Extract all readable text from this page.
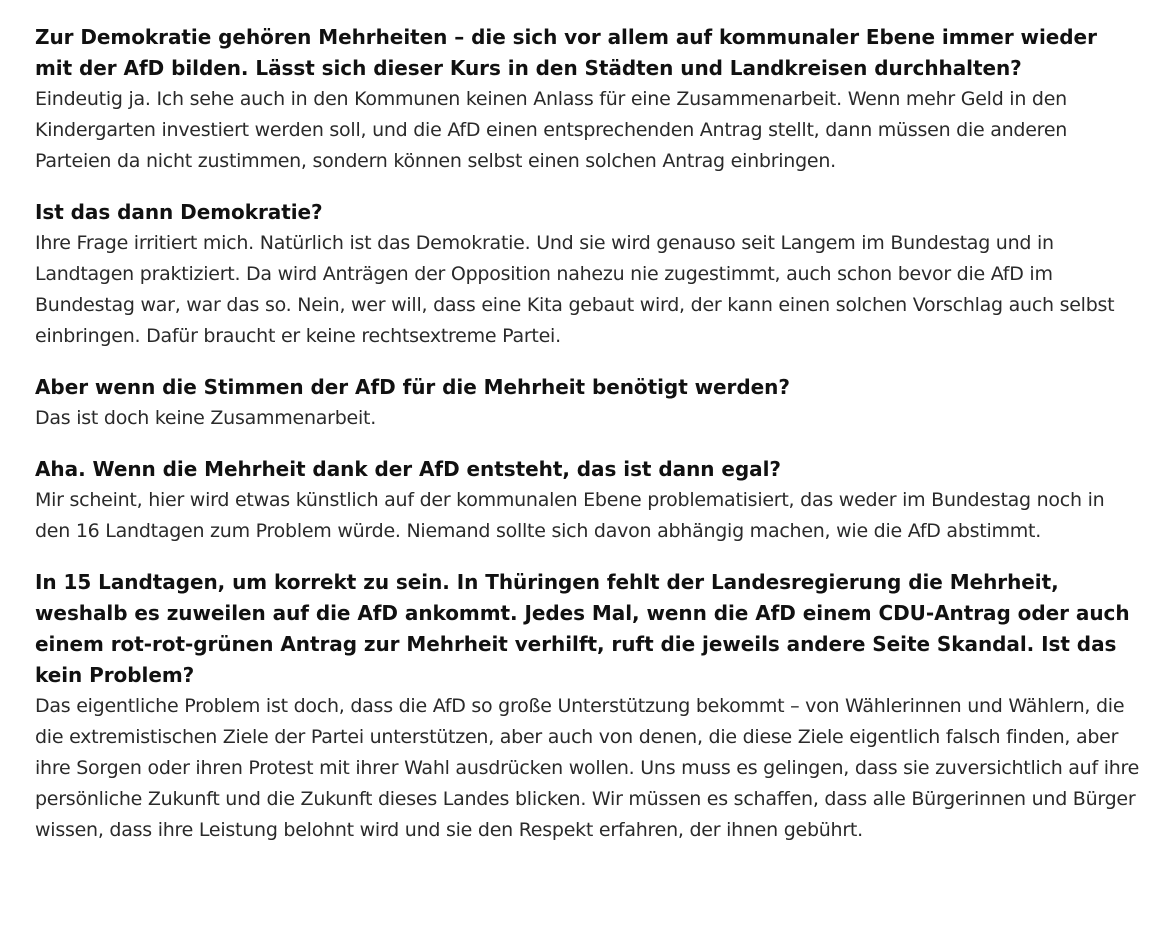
Zur Demokratie gehören Mehrheiten – die sich vor allem auf kommunaler Ebene immer wieder mit der AfD bilden. Lässt sich dieser Kurs in den Städten und Landkreisen durchhalten?

Eindeutig ja. Ich sehe auch in den Kommunen keinen Anlass für eine Zusammenarbeit. Wenn mehr Geld in den Kindergarten investiert werden soll, und die AfD einen entsprechenden Antrag stellt, dann müssen die anderen Parteien da nicht zustimmen, sondern können selbst einen solchen Antrag einbringen.

Ist das dann Demokratie?

Ihre Frage irritiert mich. Natürlich ist das Demokratie. Und sie wird genauso seit Langem im Bundestag und in Landtagen praktiziert. Da wird Anträgen der Opposition nahezu nie zugestimmt, auch schon bevor die AfD im Bundestag war, war das so. Nein, wer will, dass eine Kita gebaut wird, der kann einen solchen Vorschlag auch selbst einbringen. Dafür braucht er keine rechtsextreme Partei.

Aber wenn die Stimmen der AfD für die Mehrheit benötigt werden?

Das ist doch keine Zusammenarbeit.

Aha. Wenn die Mehrheit dank der AfD entsteht, das ist dann egal?

Mir scheint, hier wird etwas künstlich auf der kommunalen Ebene problematisiert, das weder im Bundestag noch in den 16 Landtagen zum Problem würde. Niemand sollte sich davon abhängig machen, wie die AfD abstimmt.

In 15 Landtagen, um korrekt zu sein. In Thüringen fehlt der Landesregierung die Mehrheit, weshalb es zuweilen auf die AfD ankommt. Jedes Mal, wenn die AfD einem CDU-Antrag oder auch einem rot-rot-grünen Antrag zur Mehrheit verhilft, ruft die jeweils andere Seite Skandal. Ist das kein Problem?

Das eigentliche Problem ist doch, dass die AfD so große Unterstützung bekommt – von Wählerinnen und Wählern, die die extremistischen Ziele der Partei unterstützen, aber auch von denen, die diese Ziele eigentlich falsch finden, aber ihre Sorgen oder ihren Protest mit ihrer Wahl ausdrücken wollen. Uns muss es gelingen, dass sie zuversichtlich auf ihre persönliche Zukunft und die Zukunft dieses Landes blicken. Wir müssen es schaffen, dass alle Bürgerinnen und Bürger wissen, dass ihre Leistung belohnt wird und sie den Respekt erfahren, der ihnen gebührt.
